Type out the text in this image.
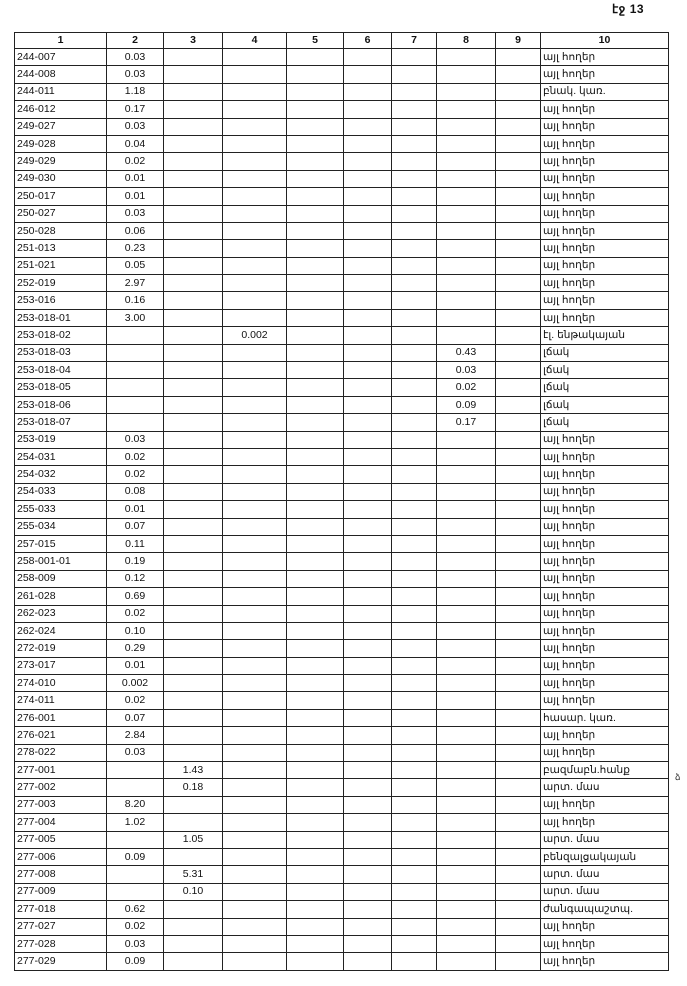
էջ 13
1	2	3	4	5	6	7	8	9	10
244-007	0.03								այլ հողեր
244-008	0.03								այլ հողեր
244-011	1.18								բնակ. կառ.
246-012	0.17								այլ հողեր
249-027	0.03								այլ հողեր
249-028	0.04								այլ հողեր
249-029	0.02								այլ հողեր
249-030	0.01								այլ հողեր
250-017	0.01								այլ հողեր
250-027	0.03								այլ հողեր
250-028	0.06								այլ հողեր
251-013	0.23								այլ հողեր
251-021	0.05								այլ հողեր
252-019	2.97								այլ հողեր
253-016	0.16								այլ հողեր
253-018-01	3.00								այլ հողեր
253-018-02			0.002						էլ. ենթակայան
253-018-03							0.43		լճակ
253-018-04							0.03		լճակ
253-018-05							0.02		լճակ
253-018-06							0.09		լճակ
253-018-07							0.17		լճակ
253-019	0.03								այլ հողեր
254-031	0.02								այլ հողեր
254-032	0.02								այլ հողեր
254-033	0.08								այլ հողեր
255-033	0.01								այլ հողեր
255-034	0.07								այլ հողեր
257-015	0.11								այլ հողեր
258-001-01	0.19								այլ հողեր
258-009	0.12								այլ հողեր
261-028	0.69								այլ հողեր
262-023	0.02								այլ հողեր
262-024	0.10								այլ հողեր
272-019	0.29								այլ հողեր
273-017	0.01								այլ հողեր
274-010	0.002								այլ հողեր
274-011	0.02								այլ հողեր
276-001	0.07								հասար. կառ.
276-021	2.84								այլ հողեր
278-022	0.03								այլ հողեր
277-001		1.43							բազմաբն.հանք
277-002		0.18							արտ. մաս
277-003	8.20								այլ հողեր
277-004	1.02								այլ հողեր
277-005		1.05							արտ. մաս
277-006	0.09								բենզալցակայան
277-008		5.31							արտ. մաս
277-009		0.10							արտ. մաս
277-018	0.62								ժանգապաշտպ.
277-027	0.02								այլ հողեր
277-028	0.03								այլ հողեր
277-029	0.09								այլ հողեր
ձ
